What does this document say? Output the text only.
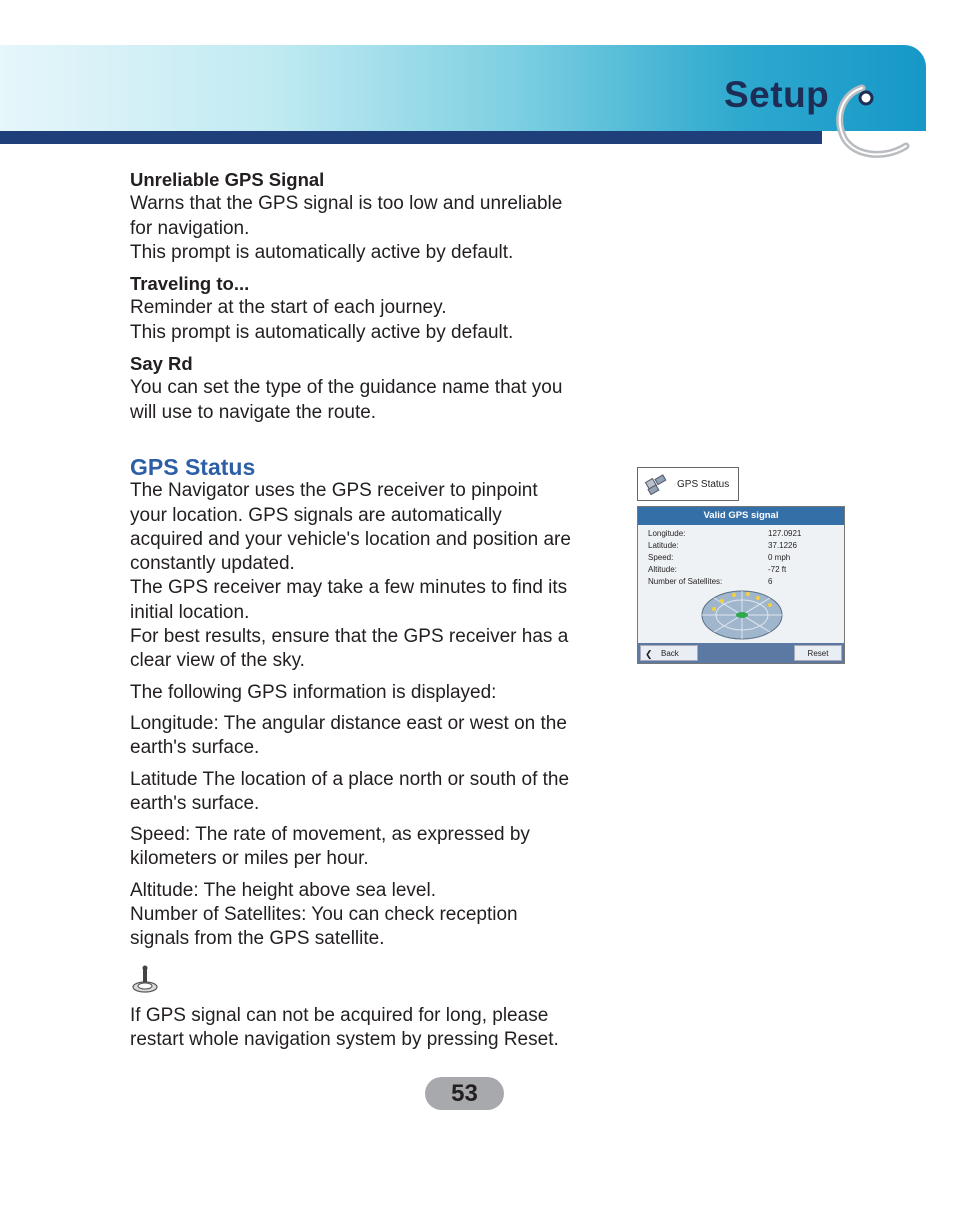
Setup

Unreliable GPS Signal

Warns that the GPS signal is too low and unreliable

for navigation.

This prompt is automatically active by default.

Traveling to...

Reminder at the start of each journey.

This prompt is automatically active by default.

Say Rd

You can set the type of the guidance name that you

will use to navigate the route.

GPS Status

The Navigator uses the GPS receiver to pinpoint

your location. GPS signals are automatically

acquired and your vehicle's location and position are

constantly updated.

The GPS receiver may take a few minutes to find its

initial location.

For best results, ensure that the GPS receiver has a

clear view of the sky.

The following GPS information is displayed:

Longitude: The angular distance east or west on the

earth's surface.

Latitude The location of a place north or south of the

earth's surface.

Speed: The rate of movement, as expressed by

kilometers or miles per hour.

Altitude: The height above sea level.

Number of Satellites: You can check reception

signals from the GPS satellite.

If GPS signal can not be acquired for long, please

restart whole navigation system by pressing Reset.

GPS Status
Valid GPS signal
Longitude:	127.0921
Latitude:	37.1226
Speed:	0 mph
Altitude:	-72 ft
Number of Satellites:	6
❮ Back	Reset
53
